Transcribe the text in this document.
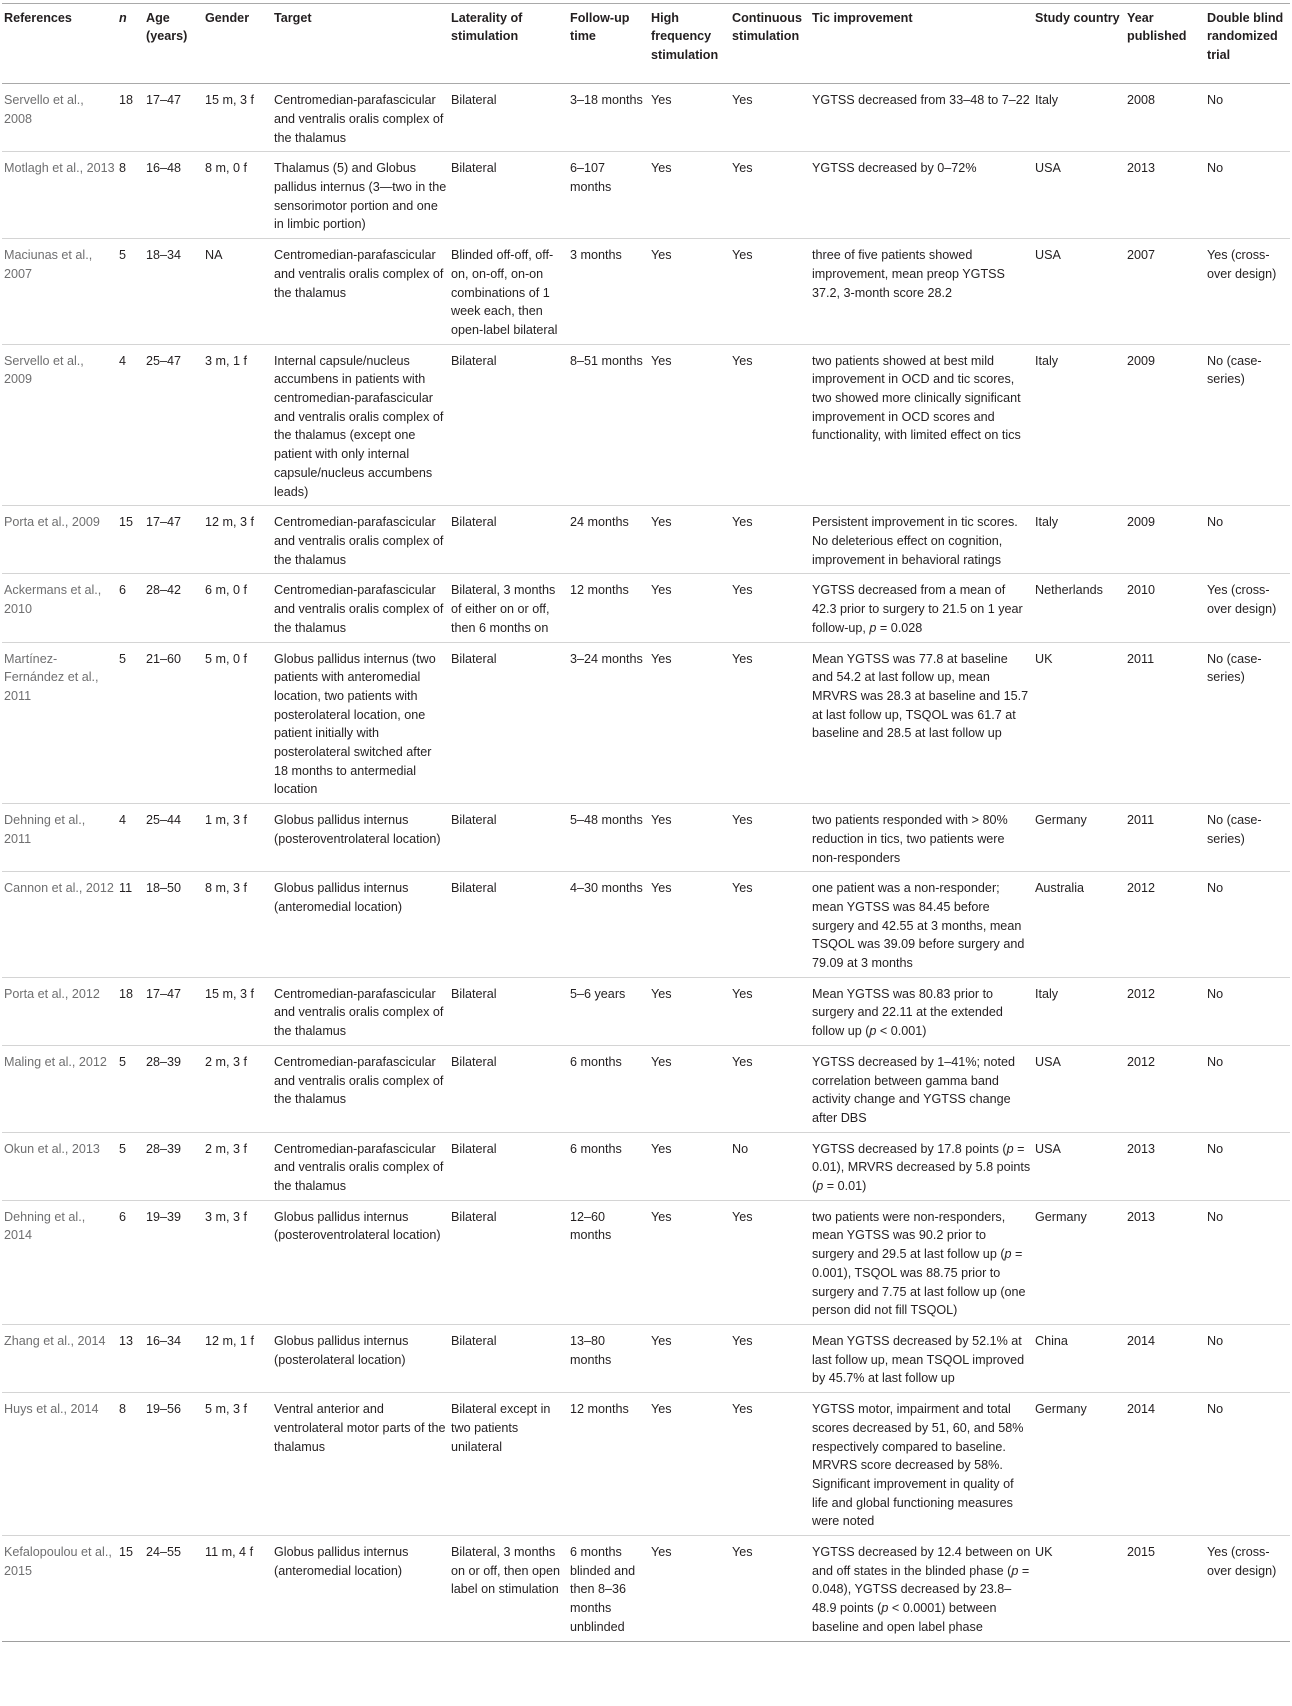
References	n	Age (years)	Gender	Target	Laterality of stimulation	Follow-up time	High frequency stimulation	Continuous stimulation	Tic improvement	Study country	Year published	Double blind randomized trial
Servello et al., 2008	18	17–47	15 m, 3 f	Centromedian-parafascicular and ventralis oralis complex of the thalamus	Bilateral	3–18 months	Yes	Yes	YGTSS decreased from 33–48 to 7–22	Italy	2008	No
Motlagh et al., 2013	8	16–48	8 m, 0 f	Thalamus (5) and Globus pallidus internus (3—two in the sensorimotor portion and one in limbic portion)	Bilateral	6–107 months	Yes	Yes	YGTSS decreased by 0–72%	USA	2013	No
Maciunas et al., 2007	5	18–34	NA	Centromedian-parafascicular and ventralis oralis complex of the thalamus	Blinded off-off, off-on, on-off, on-on combinations of 1 week each, then open-label bilateral	3 months	Yes	Yes	three of five patients showed improvement, mean preop YGTSS 37.2, 3-month score 28.2	USA	2007	Yes (cross-over design)
Servello et al., 2009	4	25–47	3 m, 1 f	Internal capsule/nucleus accumbens in patients with centromedian-parafascicular and ventralis oralis complex of the thalamus (except one patient with only internal capsule/nucleus accumbens leads)	Bilateral	8–51 months	Yes	Yes	two patients showed at best mild improvement in OCD and tic scores, two showed more clinically significant improvement in OCD scores and functionality, with limited effect on tics	Italy	2009	No (case-series)
Porta et al., 2009	15	17–47	12 m, 3 f	Centromedian-parafascicular and ventralis oralis complex of the thalamus	Bilateral	24 months	Yes	Yes	Persistent improvement in tic scores. No deleterious effect on cognition, improvement in behavioral ratings	Italy	2009	No
Ackermans et al., 2010	6	28–42	6 m, 0 f	Centromedian-parafascicular and ventralis oralis complex of the thalamus	Bilateral, 3 months of either on or off, then 6 months on	12 months	Yes	Yes	YGTSS decreased from a mean of 42.3 prior to surgery to 21.5 on 1 year follow-up, p = 0.028	Netherlands	2010	Yes (cross-over design)
Martínez-Fernández et al., 2011	5	21–60	5 m, 0 f	Globus pallidus internus (two patients with anteromedial location, two patients with posterolateral location, one patient initially with posterolateral switched after 18 months to antermedial location	Bilateral	3–24 months	Yes	Yes	Mean YGTSS was 77.8 at baseline and 54.2 at last follow up, mean MRVRS was 28.3 at baseline and 15.7 at last follow up, TSQOL was 61.7 at baseline and 28.5 at last follow up	UK	2011	No (case-series)
Dehning et al., 2011	4	25–44	1 m, 3 f	Globus pallidus internus (posteroventrolateral location)	Bilateral	5–48 months	Yes	Yes	two patients responded with > 80% reduction in tics, two patients were non-responders	Germany	2011	No (case-series)
Cannon et al., 2012	11	18–50	8 m, 3 f	Globus pallidus internus (anteromedial location)	Bilateral	4–30 months	Yes	Yes	one patient was a non-responder; mean YGTSS was 84.45 before surgery and 42.55 at 3 months, mean TSQOL was 39.09 before surgery and 79.09 at 3 months	Australia	2012	No
Porta et al., 2012	18	17–47	15 m, 3 f	Centromedian-parafascicular and ventralis oralis complex of the thalamus	Bilateral	5–6 years	Yes	Yes	Mean YGTSS was 80.83 prior to surgery and 22.11 at the extended follow up (p < 0.001)	Italy	2012	No
Maling et al., 2012	5	28–39	2 m, 3 f	Centromedian-parafascicular and ventralis oralis complex of the thalamus	Bilateral	6 months	Yes	Yes	YGTSS decreased by 1–41%; noted correlation between gamma band activity change and YGTSS change after DBS	USA	2012	No
Okun et al., 2013	5	28–39	2 m, 3 f	Centromedian-parafascicular and ventralis oralis complex of the thalamus	Bilateral	6 months	Yes	No	YGTSS decreased by 17.8 points (p = 0.01), MRVRS decreased by 5.8 points (p = 0.01)	USA	2013	No
Dehning et al., 2014	6	19–39	3 m, 3 f	Globus pallidus internus (posteroventrolateral location)	Bilateral	12–60 months	Yes	Yes	two patients were non-responders, mean YGTSS was 90.2 prior to surgery and 29.5 at last follow up (p = 0.001), TSQOL was 88.75 prior to surgery and 7.75 at last follow up (one person did not fill TSQOL)	Germany	2013	No
Zhang et al., 2014	13	16–34	12 m, 1 f	Globus pallidus internus (posterolateral location)	Bilateral	13–80 months	Yes	Yes	Mean YGTSS decreased by 52.1% at last follow up, mean TSQOL improved by 45.7% at last follow up	China	2014	No
Huys et al., 2014	8	19–56	5 m, 3 f	Ventral anterior and ventrolateral motor parts of the thalamus	Bilateral except in two patients unilateral	12 months	Yes	Yes	YGTSS motor, impairment and total scores decreased by 51, 60, and 58% respectively compared to baseline. MRVRS score decreased by 58%. Significant improvement in quality of life and global functioning measures were noted	Germany	2014	No
Kefalopoulou et al., 2015	15	24–55	11 m, 4 f	Globus pallidus internus (anteromedial location)	Bilateral, 3 months on or off, then open label on stimulation	6 months blinded and then 8–36 months unblinded	Yes	Yes	YGTSS decreased by 12.4 between on and off states in the blinded phase (p = 0.048), YGTSS decreased by 23.8–48.9 points (p < 0.0001) between baseline and open label phase	UK	2015	Yes (cross-over design)
